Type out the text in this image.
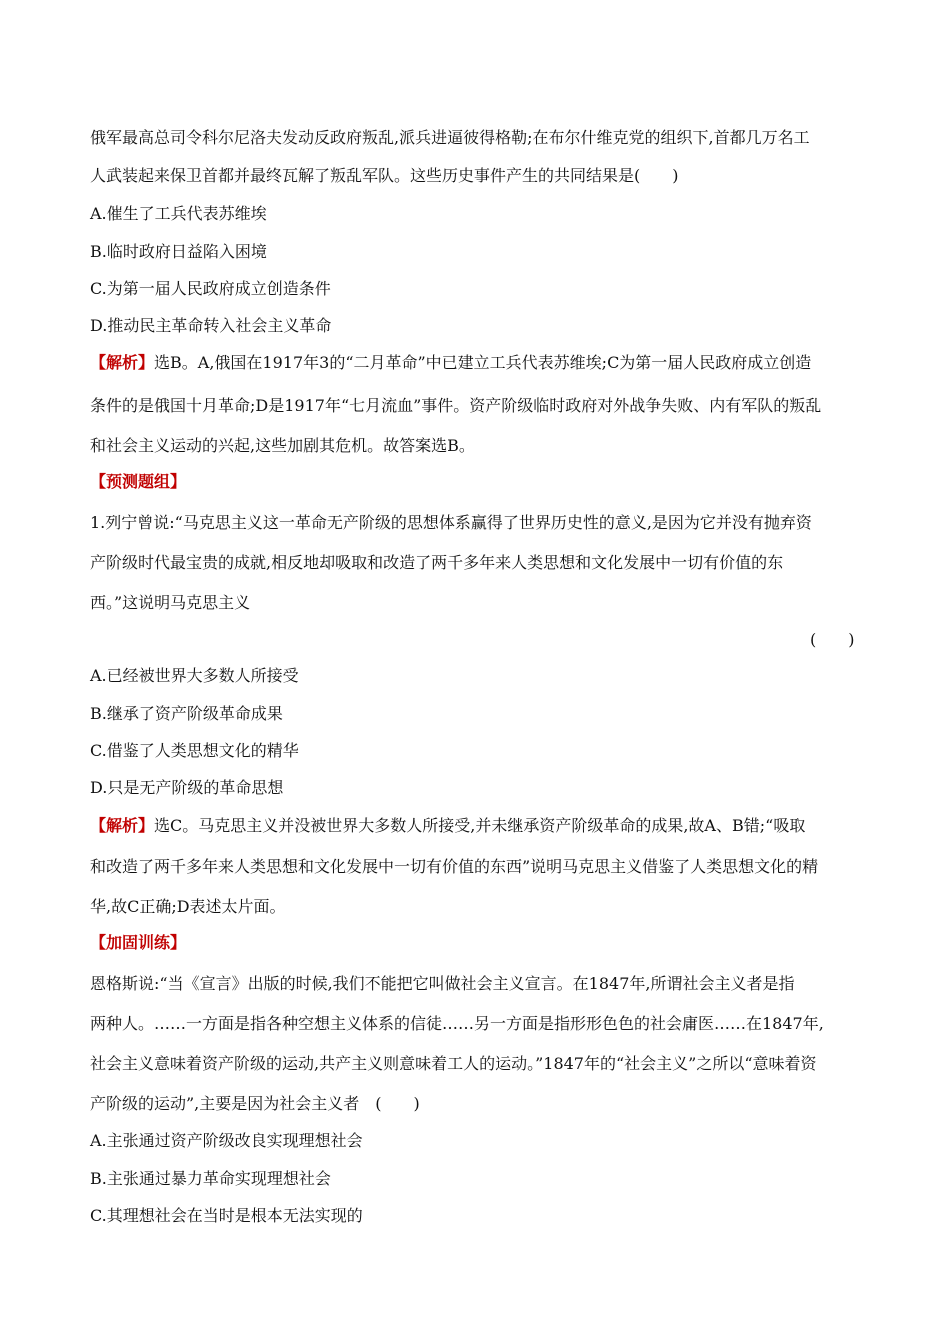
俄军最高总司令科尔尼洛夫发动反政府叛乱,派兵进逼彼得格勒;在布尔什维克党的组织下,首都几万名工
人武装起来保卫首都并最终瓦解了叛乱军队。这些历史事件产生的共同结果是(　　)
A.催生了工兵代表苏维埃
B.临时政府日益陷入困境
C.为第一届人民政府成立创造条件
D.推动民主革命转入社会主义革命
【解析】选B。A,俄国在1917年3的“二月革命”中已建立工兵代表苏维埃;C为第一届人民政府成立创造
条件的是俄国十月革命;D是1917年“七月流血”事件。资产阶级临时政府对外战争失败、内有军队的叛乱
和社会主义运动的兴起,这些加剧其危机。故答案选B。
【预测题组】
1.列宁曾说:“马克思主义这一革命无产阶级的思想体系赢得了世界历史性的意义,是因为它并没有抛弃资
产阶级时代最宝贵的成就,相反地却吸取和改造了两千多年来人类思想和文化发展中一切有价值的东
西。”这说明马克思主义
(　　)
A.已经被世界大多数人所接受
B.继承了资产阶级革命成果
C.借鉴了人类思想文化的精华
D.只是无产阶级的革命思想
【解析】选C。马克思主义并没被世界大多数人所接受,并未继承资产阶级革命的成果,故A、B错;“吸取
和改造了两千多年来人类思想和文化发展中一切有价值的东西”说明马克思主义借鉴了人类思想文化的精
华,故C正确;D表述太片面。
【加固训练】
恩格斯说:“当《宣言》出版的时候,我们不能把它叫做社会主义宣言。在1847年,所谓社会主义者是指
两种人。……一方面是指各种空想主义体系的信徒……另一方面是指形形色色的社会庸医……在1847年,
社会主义意味着资产阶级的运动,共产主义则意味着工人的运动。”1847年的“社会主义”之所以“意味着资
产阶级的运动”,主要是因为社会主义者　(　　)
A.主张通过资产阶级改良实现理想社会
B.主张通过暴力革命实现理想社会
C.其理想社会在当时是根本无法实现的
